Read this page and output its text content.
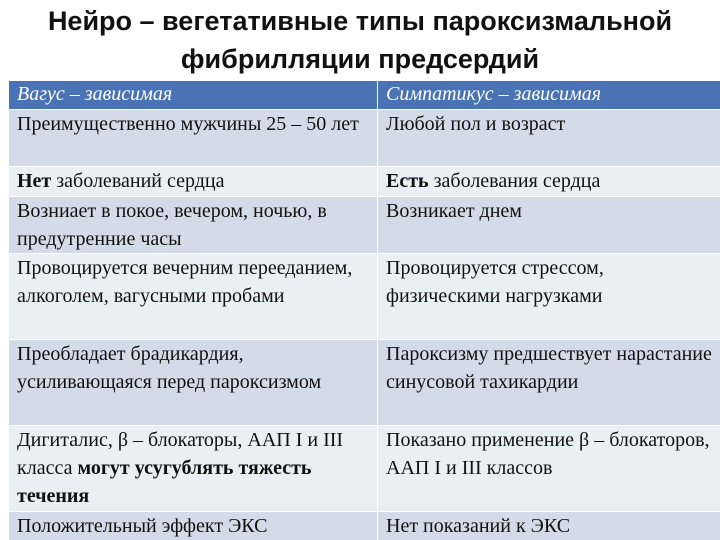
Нейро – вегетативные типы пароксизмальной
фибрилляции предсердий
Вагус – зависимая	Симпатикус – зависимая
Преимущественно мужчины 25 – 50 лет	Любой пол и возраст
Нет заболеваний сердца	Есть заболевания сердца
Возниает в покое, вечером, ночью, в предутренние часы	Возникает днем
Провоцируется вечерним перееданием, алкоголем, вагусными пробами	Провоцируется стрессом, физическими нагрузками
Преобладает брадикардия, усиливающаяся перед пароксизмом	Пароксизму предшествует нарастание синусовой тахикардии
Дигиталис, β – блокаторы, ААП I и III класса могут усугублять тяжесть течения	Показано применение β – блокаторов, ААП I и III классов
Положительный эффект ЭКС	Нет показаний к ЭКС
